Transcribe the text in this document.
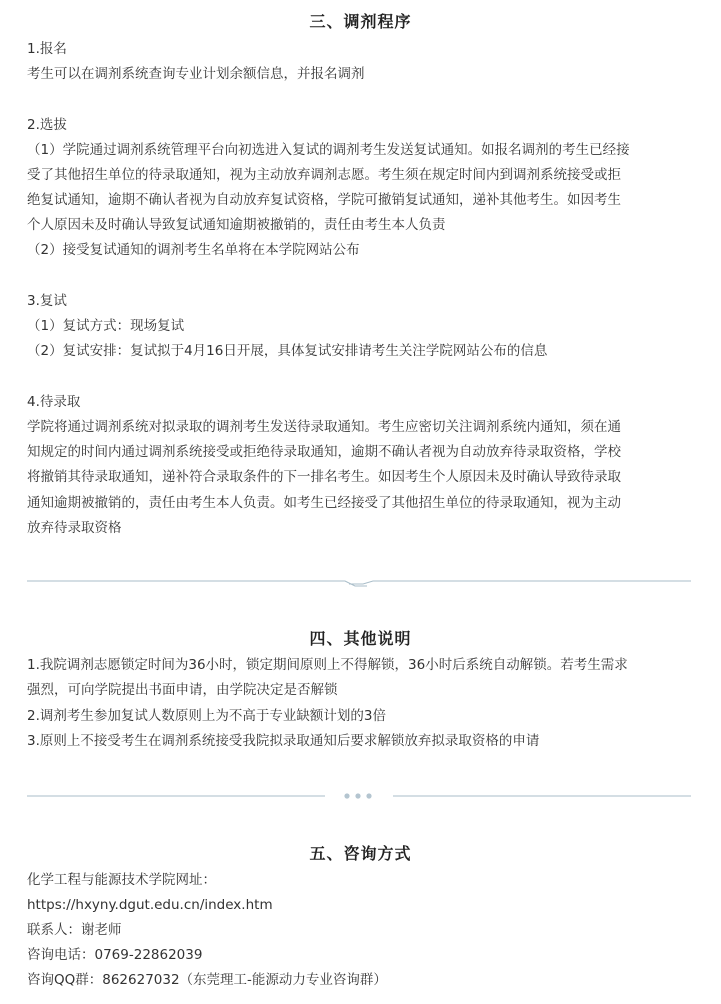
三、调剂程序
1.报名
考生可以在调剂系统查询专业计划余额信息，并报名调剂
2.选拔
（1）学院通过调剂系统管理平台向初选进入复试的调剂考生发送复试通知。如报名调剂的考生已经接
受了其他招生单位的待录取通知，视为主动放弃调剂志愿。考生须在规定时间内到调剂系统接受或拒
绝复试通知，逾期不确认者视为自动放弃复试资格，学院可撤销复试通知，递补其他考生。如因考生
个人原因未及时确认导致复试通知逾期被撤销的，责任由考生本人负责
（2）接受复试通知的调剂考生名单将在本学院网站公布
3.复试
（1）复试方式：现场复试
（2）复试安排：复试拟于4月16日开展，具体复试安排请考生关注学院网站公布的信息
4.待录取
学院将通过调剂系统对拟录取的调剂考生发送待录取通知。考生应密切关注调剂系统内通知，须在通
知规定的时间内通过调剂系统接受或拒绝待录取通知，逾期不确认者视为自动放弃待录取资格，学校
将撤销其待录取通知，递补符合录取条件的下一排名考生。如因考生个人原因未及时确认导致待录取
通知逾期被撤销的，责任由考生本人负责。如考生已经接受了其他招生单位的待录取通知，视为主动
放弃待录取资格
四、其他说明
1.我院调剂志愿锁定时间为36小时，锁定期间原则上不得解锁，36小时后系统自动解锁。若考生需求
强烈，可向学院提出书面申请，由学院决定是否解锁
2.调剂考生参加复试人数原则上为不高于专业缺额计划的3倍
3.原则上不接受考生在调剂系统接受我院拟录取通知后要求解锁放弃拟录取资格的申请
五、咨询方式
化学工程与能源技术学院网址：
https://hxyny.dgut.edu.cn/index.htm
联系人：谢老师
咨询电话：0769-22862039
咨询QQ群：862627032（东莞理工-能源动力专业咨询群）
